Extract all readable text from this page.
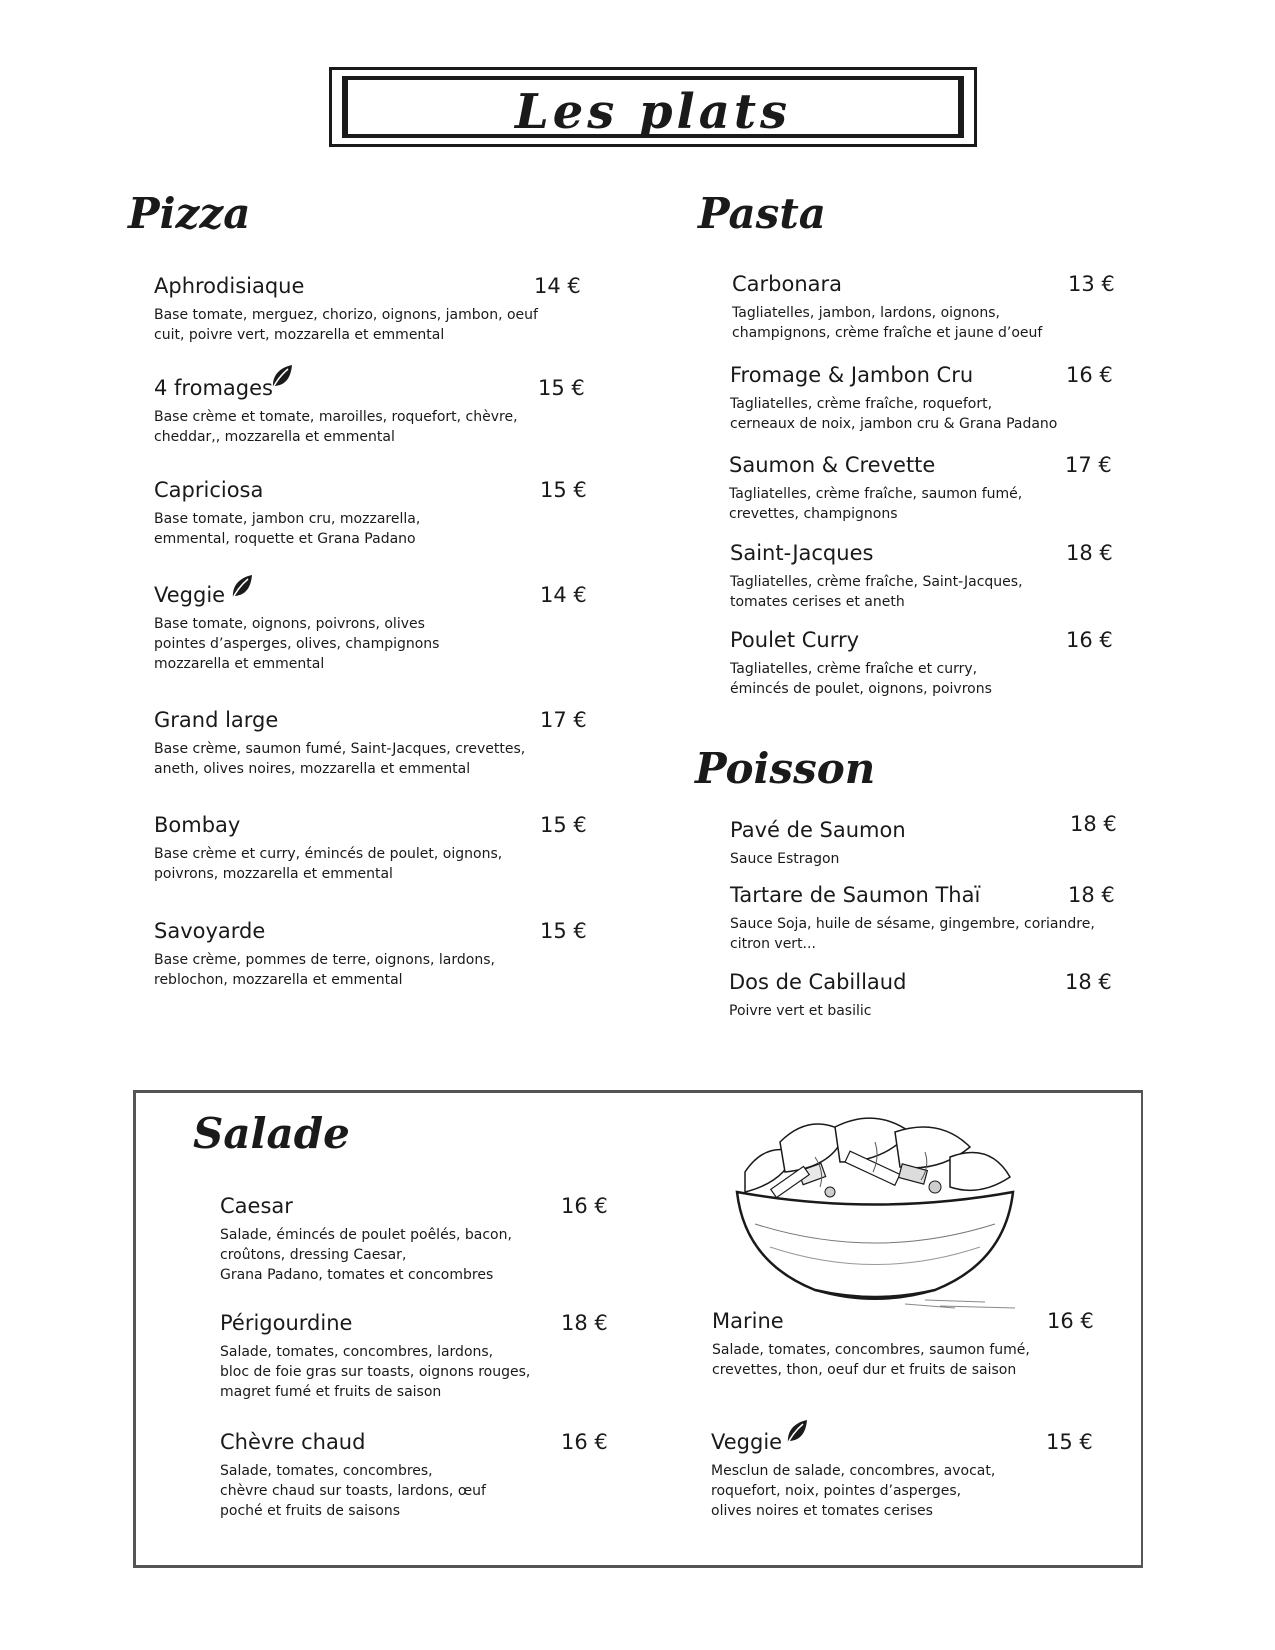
Les plats
Pizza	Pasta
Poisson
Aphrodisiaque	14 €
Base tomate, merguez, chorizo, oignons, jambon, oeuf
cuit, poivre vert, mozzarella et emmental
4 fromages	15 €
Base crème et tomate, maroilles, roquefort, chèvre,
cheddar,, mozzarella et emmental
Capriciosa	15 €
Base tomate, jambon cru, mozzarella,
emmental, roquette et Grana Padano
Veggie	14 €
Base tomate, oignons, poivrons, olives
pointes d’asperges, olives, champignons
mozzarella et emmental
Grand large	17 €
Base crème, saumon fumé, Saint-Jacques, crevettes,
aneth, olives noires, mozzarella et emmental
Bombay	15 €
Base crème et curry, émincés de poulet, oignons,
poivrons, mozzarella et emmental
Savoyarde	15 €
Base crème, pommes de terre, oignons, lardons,
reblochon, mozzarella et emmental
Carbonara	13 €
Tagliatelles, jambon, lardons, oignons,
champignons, crème fraîche et jaune d’oeuf
Fromage & Jambon Cru	16 €
Tagliatelles, crème fraîche, roquefort,
cerneaux de noix, jambon cru & Grana Padano
Saumon & Crevette	17 €
Tagliatelles, crème fraîche, saumon fumé,
crevettes, champignons
Saint-Jacques	18 €
Tagliatelles, crème fraîche, Saint-Jacques,
tomates cerises et aneth
Poulet Curry	16 €
Tagliatelles, crème fraîche et curry,
émincés de poulet, oignons, poivrons
Pavé de Saumon	18 €
Sauce Estragon
Tartare de Saumon Thaï	18 €
Sauce Soja, huile de sésame, gingembre, coriandre,
citron vert...
Dos de Cabillaud	18 €
Poivre vert et basilic
Salade
Caesar	16 €
Salade, émincés de poulet poêlés, bacon,
croûtons, dressing Caesar,
Grana Padano, tomates et concombres
Périgourdine	18 €
Salade, tomates, concombres, lardons,
bloc de foie gras sur toasts, oignons rouges,
magret fumé et fruits de saison
Chèvre chaud	16 €
Salade, tomates, concombres,
chèvre chaud sur toasts, lardons, œuf
poché et fruits de saisons
Marine	16 €
Salade, tomates, concombres, saumon fumé,
crevettes, thon, oeuf dur et fruits de saison
Veggie	15 €
Mesclun de salade, concombres, avocat,
roquefort, noix, pointes d’asperges,
olives noires et tomates cerises
